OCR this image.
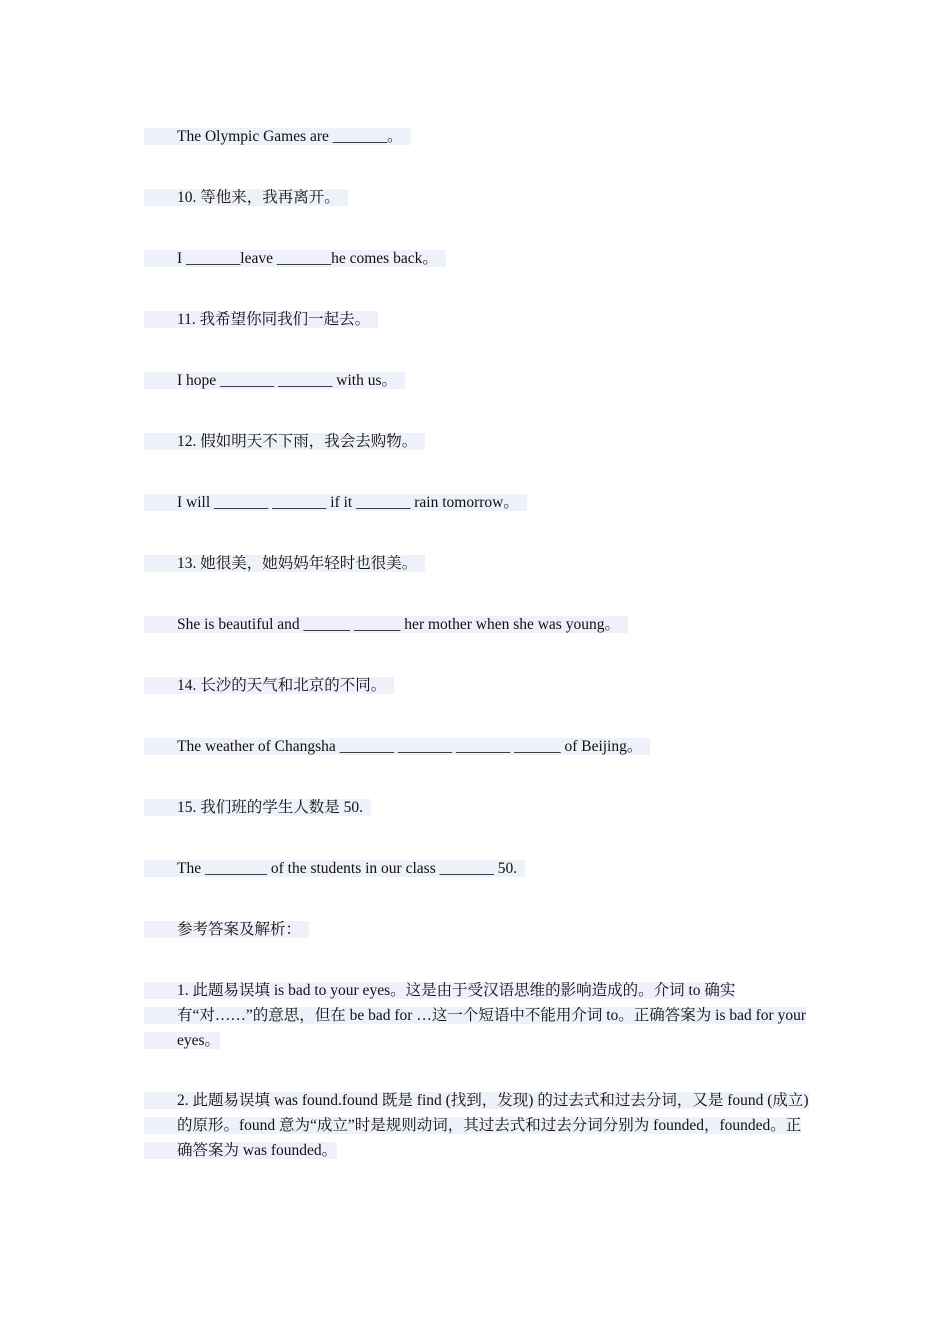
The Olympic Games are _______。

10. 等他来，我再离开。

I _______leave _______he comes back。

11. 我希望你同我们一起去。

I hope _______ _______ with us。

12. 假如明天不下雨，我会去购物。

I will _______ _______ if it _______ rain tomorrow。

13. 她很美，她妈妈年轻时也很美。

She is beautiful and ______ ______ her mother when she was young。

14. 长沙的天气和北京的不同。

The weather of Changsha _______ _______ _______ ______ of Beijing。

15. 我们班的学生人数是 50.

The ________ of the students in our class _______ 50.

参考答案及解析：

1. 此题易误填 is bad to your eyes。这是由于受汉语思维的影响造成的。介词 to 确实有“对……”的意思，但在 be bad for …这一个短语中不能用介词 to。正确答案为 is bad for your eyes。

2. 此题易误填 was found.found 既是 find (找到，发现) 的过去式和过去分词，又是 found (成立) 的原形。found 意为“成立”时是规则动词，其过去式和过去分词分别为 founded，founded。正确答案为 was founded。
